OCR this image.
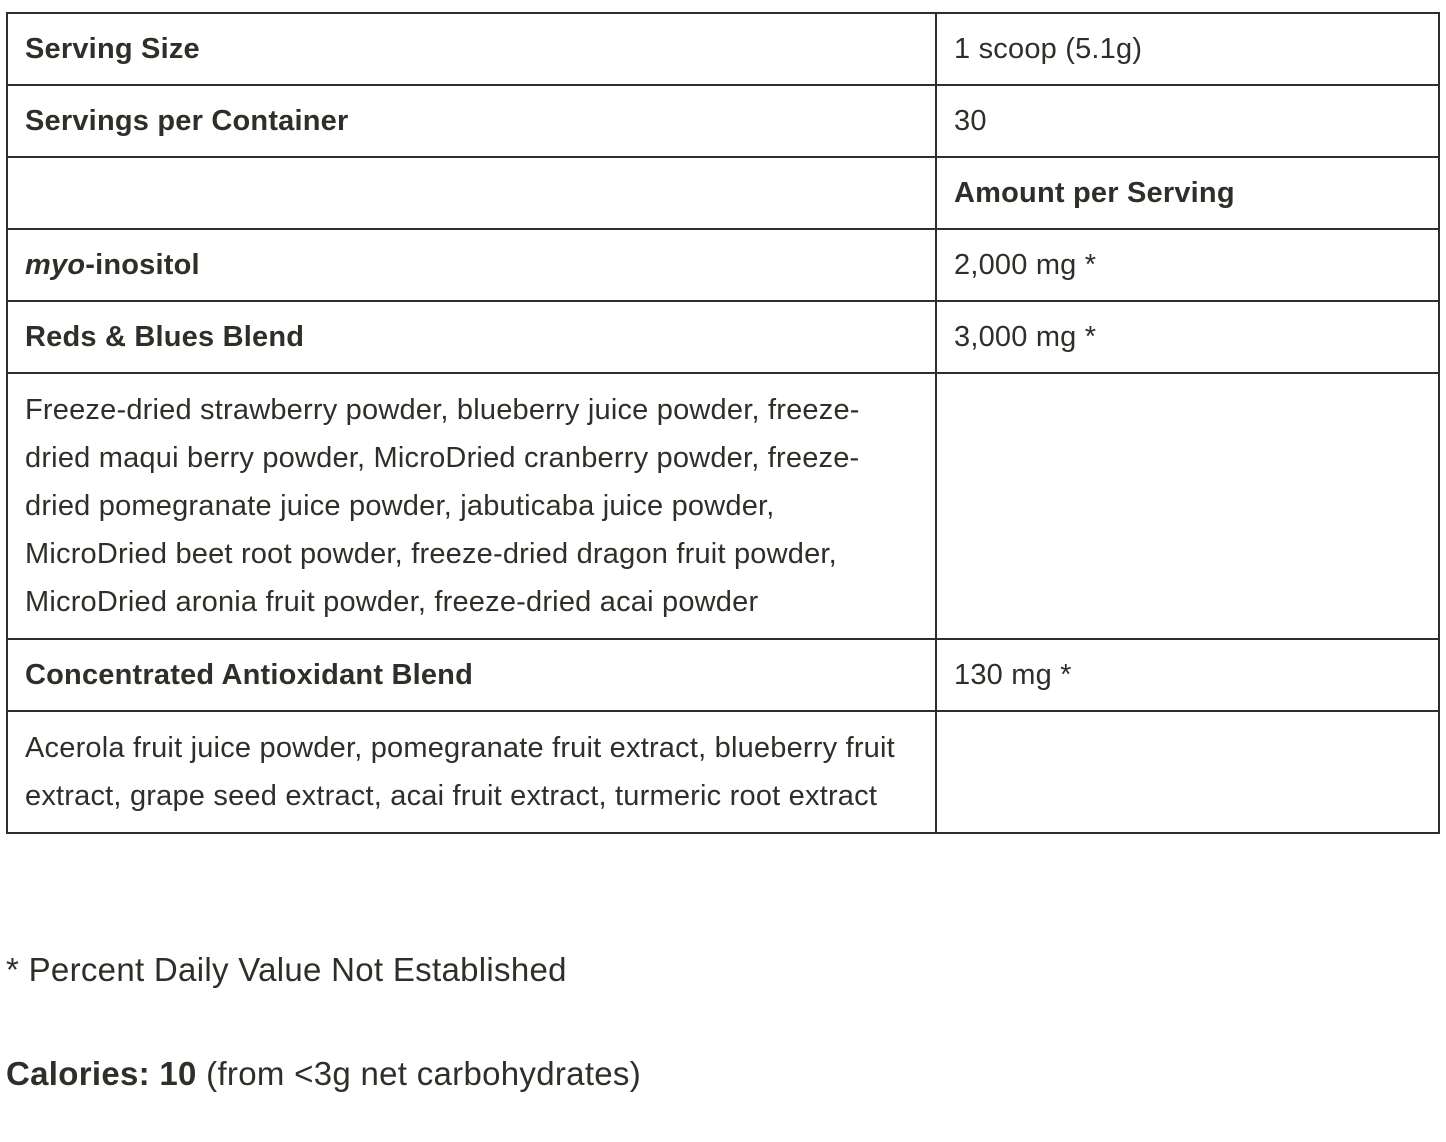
Serving Size	1 scoop (5.1g)
Servings per Container	30
	Amount per Serving
myo-inositol	2,000 mg *
Reds & Blues Blend	3,000 mg *
Freeze-dried strawberry powder, blueberry juice powder, freeze-dried maqui berry powder, MicroDried cranberry powder, freeze-dried pomegranate juice powder, jabuticaba juice powder, MicroDried beet root powder, freeze-dried dragon fruit powder, MicroDried aronia fruit powder, freeze-dried acai powder	
Concentrated Antioxidant Blend	130 mg *
Acerola fruit juice powder, pomegranate fruit extract, blueberry fruit extract, grape seed extract, acai fruit extract, turmeric root extract	

* Percent Daily Value Not Established

Calories: 10 (from <3g net carbohydrates)
